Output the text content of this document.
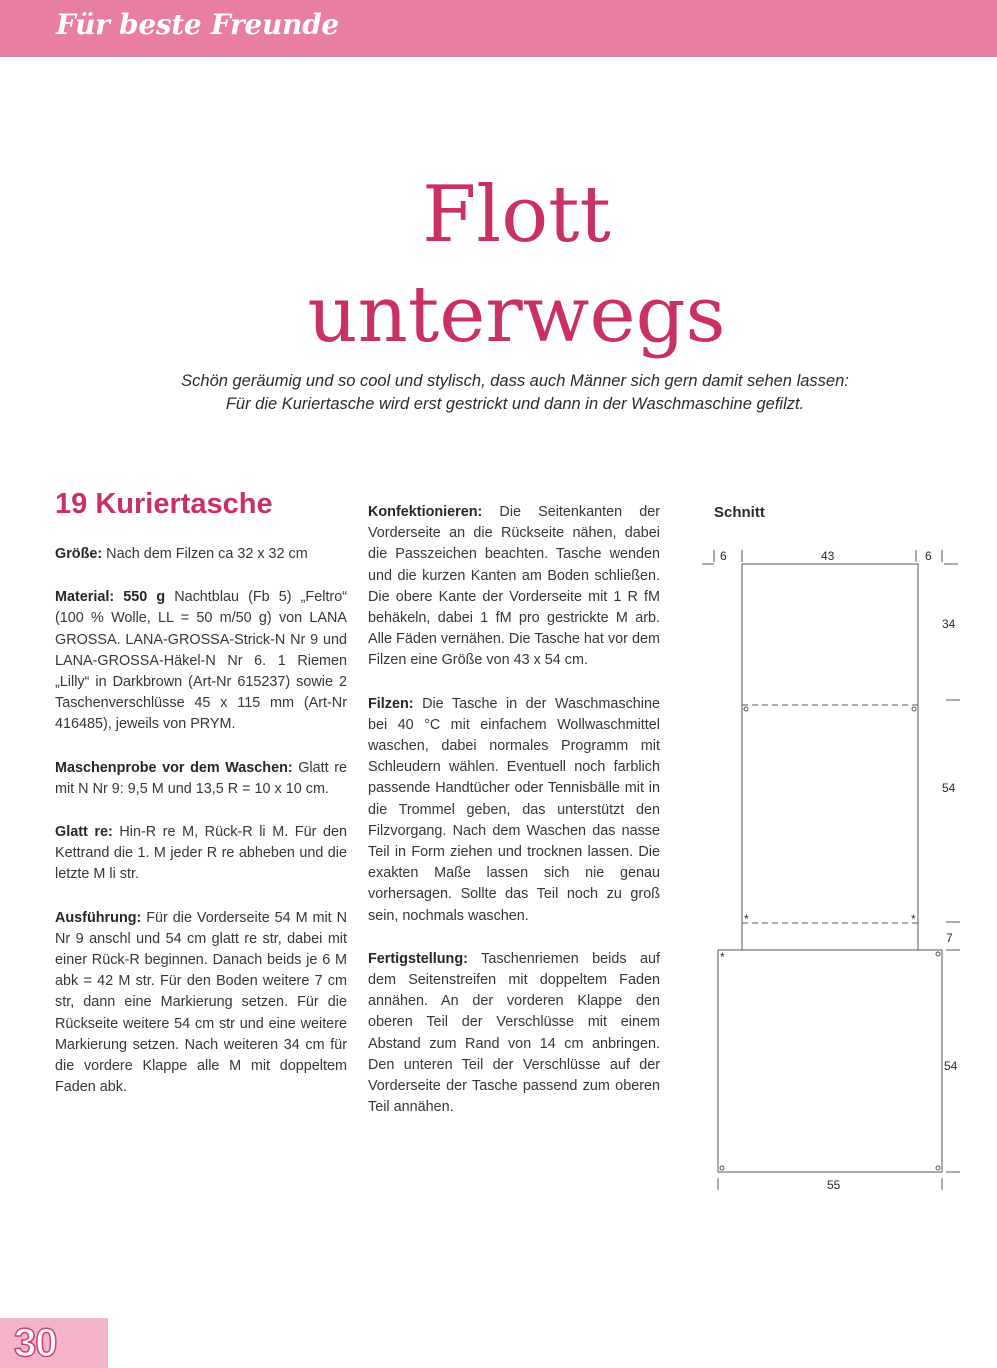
Für beste Freunde
Flott
unterwegs
Schön geräumig und so cool und stylisch, dass auch Männer sich gern damit sehen lassen:
Für die Kuriertasche wird erst gestrickt und dann in der Waschmaschine gefilzt.
19 Kuriertasche

Größe: Nach dem Filzen ca 32 x 32 cm

Material: 550 g Nachtblau (Fb 5) „Feltro“ (100 % Wolle, LL = 50 m/50 g) von LANA GROSSA. LANA-GROSSA-Strick-N Nr 9 und LANA-GROSSA-Häkel-N Nr 6. 1 Riemen „Lilly“ in Darkbrown (Art-Nr 615237) sowie 2 Taschenverschlüsse 45 x 115 mm (Art-Nr 416485), jeweils von PRYM.

Maschenprobe vor dem Waschen: Glatt re mit N Nr 9: 9,5 M und 13,5 R = 10 x 10 cm.

Glatt re: Hin-R re M, Rück-R li M. Für den Kettrand die 1. M jeder R re abheben und die letzte M li str.

Ausführung: Für die Vorderseite 54 M mit N Nr 9 anschl und 54 cm glatt re str, dabei mit einer Rück-R beginnen. Danach beids je 6 M abk = 42 M str. Für den Boden weitere 7 cm str, dann eine Markierung setzen. Für die Rückseite weitere 54 cm str und eine weitere Markierung setzen. Nach weiteren 34 cm für die vordere Klappe alle M mit doppeltem Faden abk.

Konfektionieren: Die Seitenkanten der Vorderseite an die Rückseite nähen, dabei die Passzeichen beachten. Tasche wenden und die kurzen Kanten am Boden schließen. Die obere Kante der Vorderseite mit 1 R fM behäkeln, dabei 1 fM pro gestrickte M arb. Alle Fäden vernähen. Die Tasche hat vor dem Filzen eine Größe von 43 x 54 cm.

Filzen: Die Tasche in der Waschmaschine bei 40 °C mit einfachem Wollwaschmittel waschen, dabei normales Programm mit Schleudern wählen. Eventuell noch farblich passende Handtücher oder Tennisbälle mit in die Trommel geben, das unterstützt den Filzvorgang. Nach dem Waschen das nasse Teil in Form ziehen und trocknen lassen. Die exakten Maße lassen sich nie genau vorhersagen. Sollte das Teil noch zu groß sein, nochmals waschen.

Fertigstellung: Taschenriemen beids auf dem Seitenstreifen mit doppeltem Faden annähen. An der vorderen Klappe den oberen Teil der Verschlüsse mit einem Abstand zum Rand von 14 cm anbringen. Den unteren Teil der Verschlüsse auf der Vorderseite der Tasche passend zum oberen Teil annähen.

Schnitt
6	43	6
34
54
7
54
55
*	*
*
30
